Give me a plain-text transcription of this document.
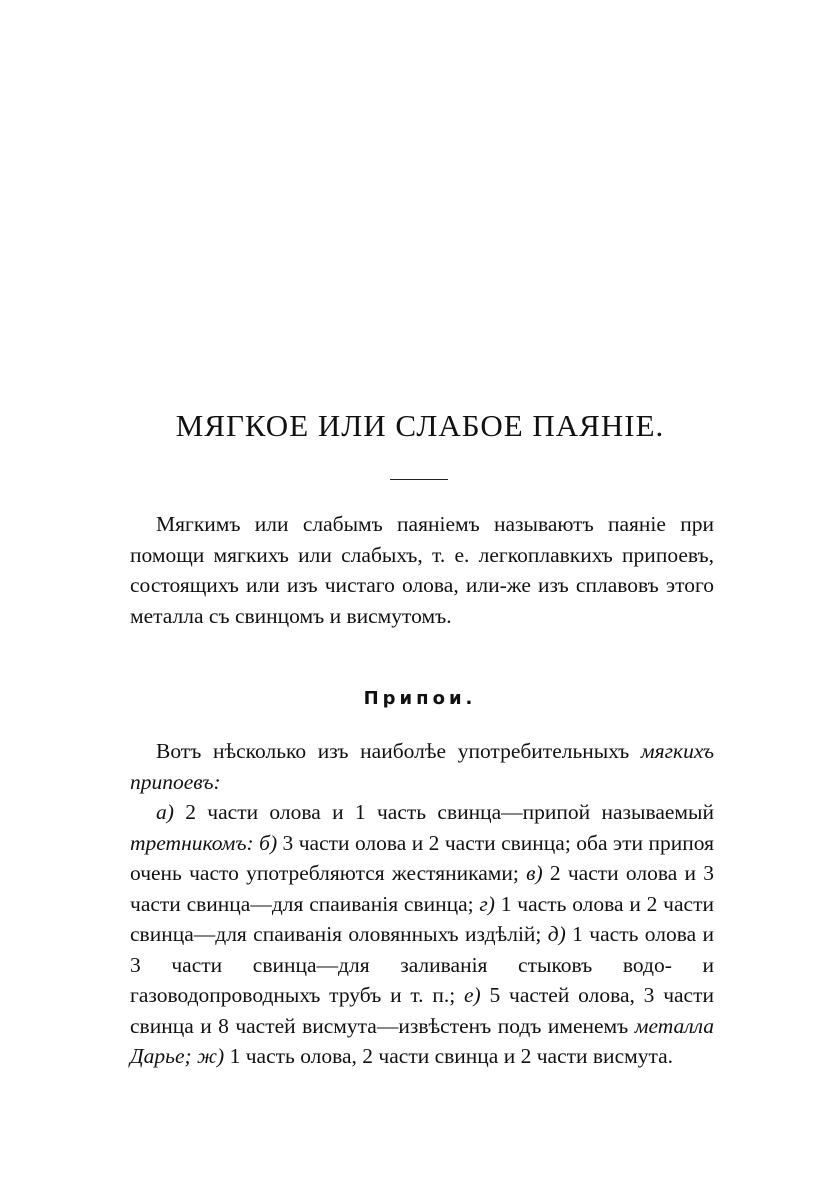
МЯГКОЕ ИЛИ СЛАБОЕ ПАЯНІЕ.

Мягкимъ или слабымъ паяніемъ называютъ паяніе при помощи мягкихъ или слабыхъ, т. е. легкоплавкихъ припоевъ, состоящихъ или изъ чистаго олова, или-же изъ сплавовъ этого металла съ свинцомъ и висмутомъ.

Припои.

Вотъ нѣсколько изъ наиболѣе употребительныхъ мягкихъ припоевъ:

а) 2 части олова и 1 часть свинца—припой называемый третникомъ: б) 3 части олова и 2 части свинца; оба эти припоя очень часто употребляются жестяниками; в) 2 части олова и 3 части свинца—для спаиванія свинца; г) 1 часть олова и 2 части свинца—для спаиванія оловянныхъ издѣлій; д) 1 часть олова и 3 части свинца—для заливанія стыковъ водо- и газоводопроводныхъ трубъ и т. п.; е) 5 частей олова, 3 части свинца и 8 частей висмута—извѣстенъ подъ именемъ металла Дарье; ж) 1 часть олова, 2 части свинца и 2 части висмута.
